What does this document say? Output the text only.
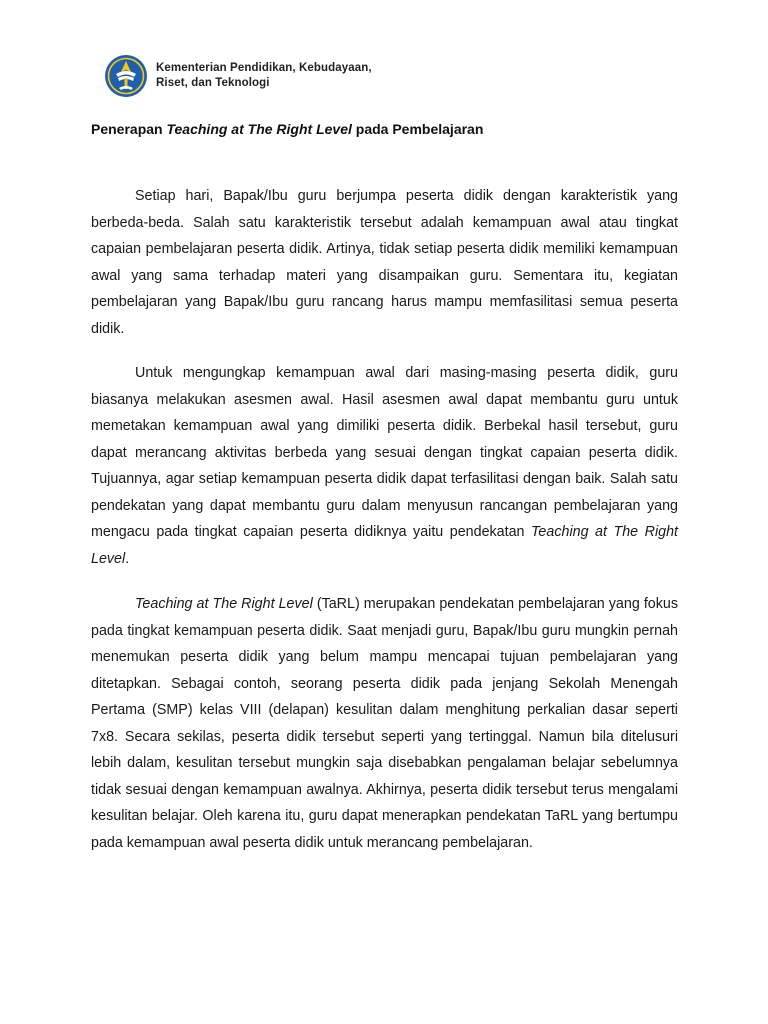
Kementerian Pendidikan, Kebudayaan,
Riset, dan Teknologi
Penerapan Teaching at The Right Level pada Pembelajaran

Setiap hari, Bapak/Ibu guru berjumpa peserta didik dengan karakteristik yang berbeda-beda. Salah satu karakteristik tersebut adalah kemampuan awal atau tingkat capaian pembelajaran peserta didik. Artinya, tidak setiap peserta didik memiliki kemampuan awal yang sama terhadap materi yang disampaikan guru. Sementara itu, kegiatan pembelajaran yang Bapak/Ibu guru rancang harus mampu memfasilitasi semua peserta didik.

Untuk mengungkap kemampuan awal dari masing-masing peserta didik, guru biasanya melakukan asesmen awal. Hasil asesmen awal dapat membantu guru untuk memetakan kemampuan awal yang dimiliki peserta didik. Berbekal hasil tersebut, guru dapat merancang aktivitas berbeda yang sesuai dengan tingkat capaian peserta didik. Tujuannya, agar setiap kemampuan peserta didik dapat terfasilitasi dengan baik. Salah satu pendekatan yang dapat membantu guru dalam menyusun rancangan pembelajaran yang mengacu pada tingkat capaian peserta didiknya yaitu pendekatan Teaching at The Right Level.

Teaching at The Right Level (TaRL) merupakan pendekatan pembelajaran yang fokus pada tingkat kemampuan peserta didik. Saat menjadi guru, Bapak/Ibu guru mungkin pernah menemukan peserta didik yang belum mampu mencapai tujuan pembelajaran yang ditetapkan. Sebagai contoh, seorang peserta didik pada jenjang Sekolah Menengah Pertama (SMP) kelas VIII (delapan) kesulitan dalam menghitung perkalian dasar seperti 7x8. Secara sekilas, peserta didik tersebut seperti yang tertinggal. Namun bila ditelusuri lebih dalam, kesulitan tersebut mungkin saja disebabkan pengalaman belajar sebelumnya tidak sesuai dengan kemampuan awalnya. Akhirnya, peserta didik tersebut terus mengalami kesulitan belajar. Oleh karena itu, guru dapat menerapkan pendekatan TaRL yang bertumpu pada kemampuan awal peserta didik untuk merancang pembelajaran.
